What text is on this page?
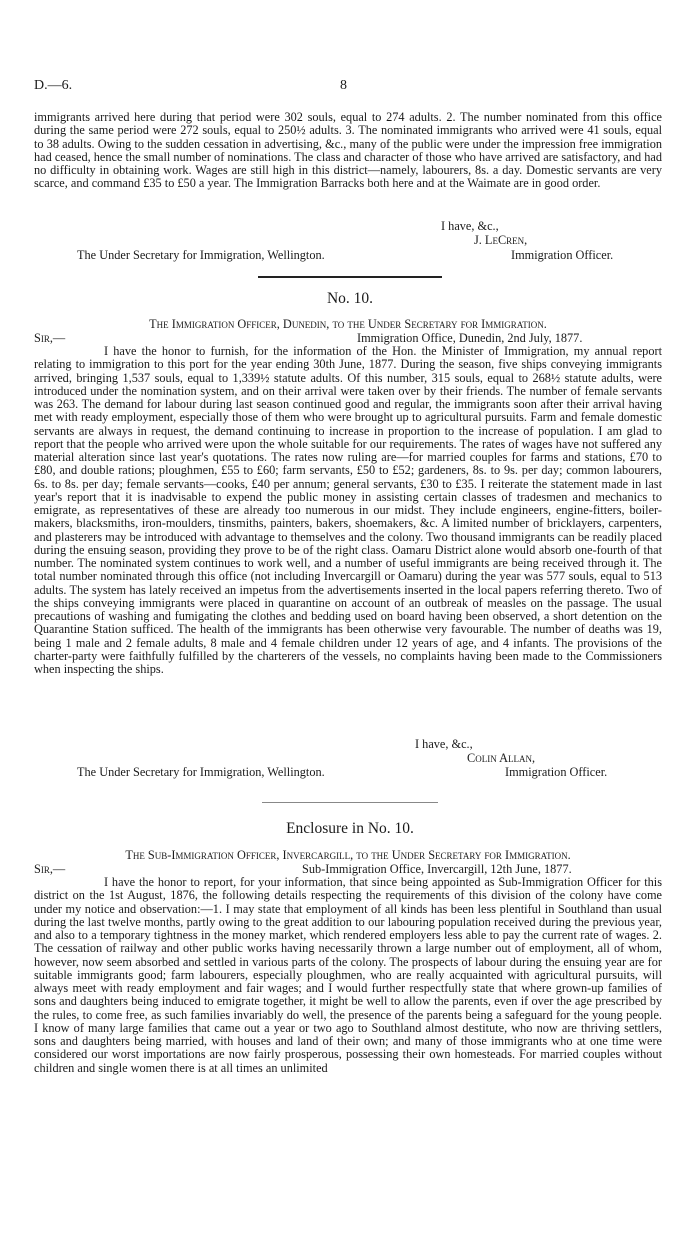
D.—6.	8

immigrants arrived here during that period were 302 souls, equal to 274 adults. 2. The number nominated from this office during the same period were 272 souls, equal to 250½ adults. 3. The nominated immigrants who arrived were 41 souls, equal to 38 adults. Owing to the sudden cessation in advertising, &c., many of the public were under the impression free immigration had ceased, hence the small number of nominations. The class and character of those who have arrived are satisfactory, and had no difficulty in obtaining work. Wages are still high in this district—namely, labourers, 8s. a day. Domestic servants are very scarce, and command £35 to £50 a year. The Immigration Barracks both here and at the Waimate are in good order.

I have, &c.,
J. LeCren,
The Under Secretary for Immigration, Wellington.	Immigration Officer.
No. 10.
The Immigration Officer, Dunedin, to the Under Secretary for Immigration.
Sir,—	Immigration Office, Dunedin, 2nd July, 1877.

I have the honor to furnish, for the information of the Hon. the Minister of Immigration, my annual report relating to immigration to this port for the year ending 30th June, 1877. During the season, five ships conveying immigrants arrived, bringing 1,537 souls, equal to 1,339½ statute adults. Of this number, 315 souls, equal to 268½ statute adults, were introduced under the nomination system, and on their arrival were taken over by their friends. The number of female servants was 263. The demand for labour during last season continued good and regular, the immigrants soon after their arrival having met with ready employment, especially those of them who were brought up to agricultural pursuits. Farm and female domestic servants are always in request, the demand continuing to increase in proportion to the increase of population. I am glad to report that the people who arrived were upon the whole suitable for our requirements. The rates of wages have not suffered any material alteration since last year's quotations. The rates now ruling are—for married couples for farms and stations, £70 to £80, and double rations; ploughmen, £55 to £60; farm servants, £50 to £52; gardeners, 8s. to 9s. per day; common labourers, 6s. to 8s. per day; female servants—cooks, £40 per annum; general servants, £30 to £35. I reiterate the statement made in last year's report that it is inadvisable to expend the public money in assisting certain classes of tradesmen and mechanics to emigrate, as representatives of these are already too numerous in our midst. They include engineers, engine-fitters, boiler-makers, blacksmiths, iron-moulders, tinsmiths, painters, bakers, shoemakers, &c. A limited number of bricklayers, carpenters, and plasterers may be introduced with advantage to themselves and the colony. Two thousand immigrants can be readily placed during the ensuing season, providing they prove to be of the right class. Oamaru District alone would absorb one-fourth of that number. The nominated system continues to work well, and a number of useful immigrants are being received through it. The total number nominated through this office (not including Invercargill or Oamaru) during the year was 577 souls, equal to 513 adults. The system has lately received an impetus from the advertisements inserted in the local papers referring thereto. Two of the ships conveying immigrants were placed in quarantine on account of an outbreak of measles on the passage. The usual precautions of washing and fumigating the clothes and bedding used on board having been observed, a short detention on the Quarantine Station sufficed. The health of the immigrants has been otherwise very favourable. The number of deaths was 19, being 1 male and 2 female adults, 8 male and 4 female children under 12 years of age, and 4 infants. The provisions of the charter-party were faithfully fulfilled by the charterers of the vessels, no complaints having been made to the Commissioners when inspecting the ships.

I have, &c.,
Colin Allan,
The Under Secretary for Immigration, Wellington.	Immigration Officer.
Enclosure in No. 10.
The Sub-Immigration Officer, Invercargill, to the Under Secretary for Immigration.
Sir,—	Sub-Immigration Office, Invercargill, 12th June, 1877.

I have the honor to report, for your information, that since being appointed as Sub-Immigration Officer for this district on the 1st August, 1876, the following details respecting the requirements of this division of the colony have come under my notice and observation:—1. I may state that employment of all kinds has been less plentiful in Southland than usual during the last twelve months, partly owing to the great addition to our labouring population received during the previous year, and also to a temporary tightness in the money market, which rendered employers less able to pay the current rate of wages. 2. The cessation of railway and other public works having necessarily thrown a large number out of employment, all of whom, however, now seem absorbed and settled in various parts of the colony. The prospects of labour during the ensuing year are for suitable immigrants good; farm labourers, especially ploughmen, who are really acquainted with agricultural pursuits, will always meet with ready employment and fair wages; and I would further respectfully state that where grown-up families of sons and daughters being induced to emigrate together, it might be well to allow the parents, even if over the age prescribed by the rules, to come free, as such families invariably do well, the presence of the parents being a safeguard for the young people. I know of many large families that came out a year or two ago to Southland almost destitute, who now are thriving settlers, sons and daughters being married, with houses and land of their own; and many of those immigrants who at one time were considered our worst importations are now fairly prosperous, possessing their own homesteads. For married couples without children and single women there is at all times an unlimited
